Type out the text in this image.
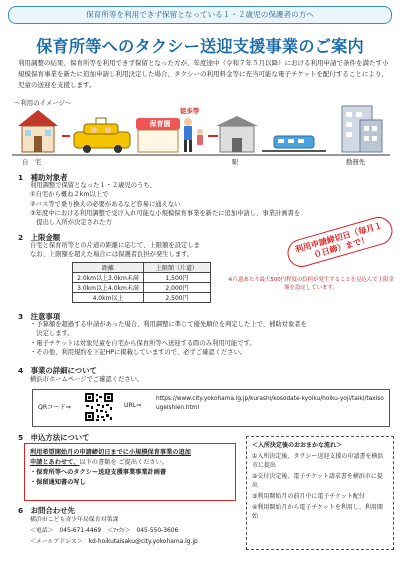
保育所等を利用できず保留となっている１・２歳児の保護者の方へ
保育所等へのタクシー送迎支援事業のご案内
利用調整の結果、保育所等を利用できず保留となった方が、年度途中（令和７年５月以降）における利用申請で条件を満たす小規模保育事業を新たに追加申請し利用決定した場合、タクシーの利用料金等に充当可能な電子チケットを配付することにより、児童の送迎を支援します。
～利用のイメージ～
保育園
徒歩等
自　宅	駅	勤務先
1　 補助対象者
利用調整で保留となった１・２歳児のうち、
①自宅から概ね２km以上で
②バス等で乗り換えの必要があるなど容易に通えない
③年度中における利用調整で受け入れ可能な小規模保育事業を新たに追加申請し、事業計画書を
　提出し入所が決定された方
2　 上限金額
自宅と保育所等との片道の距離に応じて、上限額を設定しま
なお、上限額を超えた場合には保護者負担が発生します。
距離	上限額（片道）
2.0km以上3.0km未満	1,500円
3.0km以上4.0km未満	2,000円
4.0km以上	2,500円
利用申請締切日（毎月１０日締）まで！
※片道あたり最大500円程度の負担が発生することを見込んで上限金額を設定しています。
3　 注意事項
・予算額を超過する申請があった場合、利用調整に準じて優先順位を判定した上で、補助対象者を
　決定します。
・電子チケットは対象児童を自宅から保育所等へ送迎する際のみ利用可能です。
・その他、利用規約を下記HPに掲載していますので、必ずご確認ください。
4　 事業の詳細について
横浜市ホームページでご確認ください。
QRコード⇒	URL⇒
https://www.city.yokohama.lg.jp/kurashi/kosodate-kyoiku/hoiku-yoji/taiki/taxisougeishien.html
5　 申込方法について
利用希望開始月の申請締切日までに小規模保育事業の追加
申請とあわせて、以下の書類を ご提出ください。
・保育所等へのタクシー送迎支援事業事業計画書
・保留通知書の写し
6　 お問合わせ先
横浜市こども青少年局保育対策課
＜電話＞　045-671-4469　＜ﾌｧｸｼ＞　045-550-3606
＜メールアドレス＞　kd-hoikutaisaku@city.yokohama.lg.jp
＜入所決定後のおおまかな流れ＞
①入所決定後、タクシー送迎支援の申請書を横浜市に提出
②交付決定後、電子チケット請求書を横浜市に提出
③利用開始月の前月中に電子チケット配付
④利用開始月から電子チケットを利用し、利用開始
